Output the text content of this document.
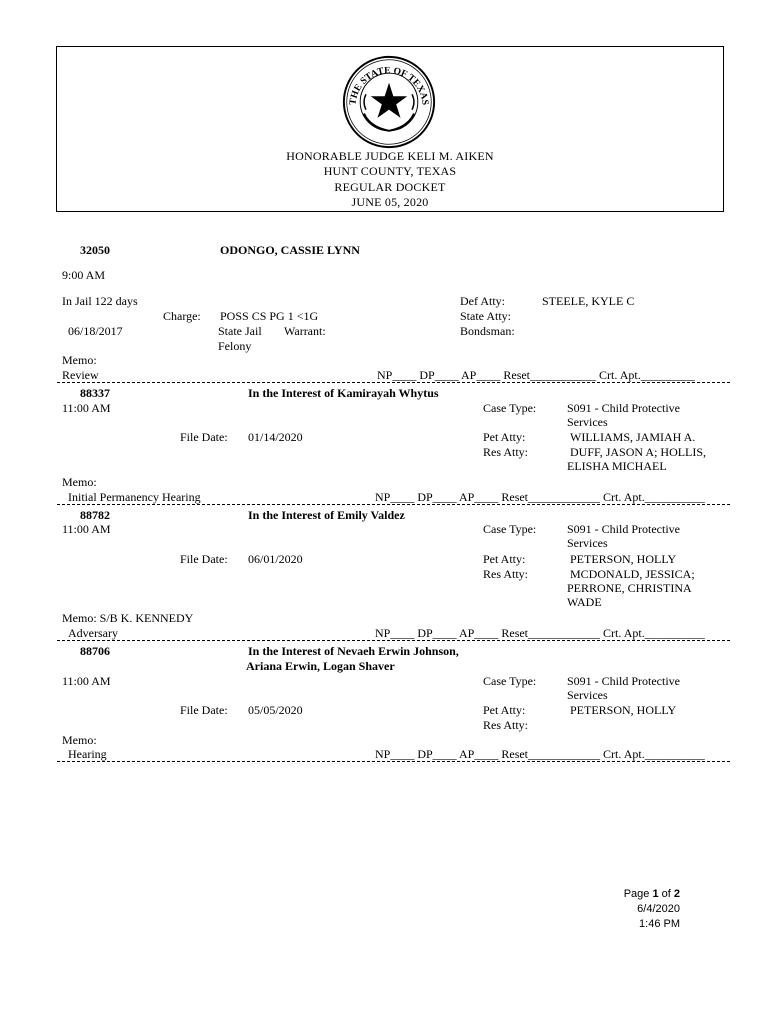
THE STATE OF TEXAS
HONORABLE JUDGE KELI M. AIKEN
HUNT COUNTY, TEXAS
REGULAR DOCKET
JUNE 05, 2020
32050	ODONGO, CASSIE LYNN
9:00 AM
In Jail 122 days
Charge: POSS CS PG 1 <1G
06/18/2017	State Jail Warrant:
Felony
Def Atty:	STEELE, KYLE C
State Atty:
Bondsman:
Memo:
Review	NP____ DP____ AP____ Reset___________ Crt. Apt._________
88337	In the Interest of Kamirayah Whytus
11:00 AM	Case Type:	S091 - Child Protective Services
File Date: 01/14/2020	Pet Atty:	WILLIAMS, JAMIAH A.
Res Atty:	DUFF, JASON A; HOLLIS, ELISHA MICHAEL
Memo:
Initial Permanency Hearing	NP____ DP____ AP____ Reset____________ Crt. Apt.__________
88782	In the Interest of Emily Valdez
11:00 AM	Case Type:	S091 - Child Protective Services
File Date: 06/01/2020	Pet Atty:	PETERSON, HOLLY
Res Atty:	MCDONALD, JESSICA; PERRONE, CHRISTINA WADE
Memo: S/B K. KENNEDY
Adversary	NP____ DP____ AP____ Reset____________ Crt. Apt.__________
88706	In the Interest of Nevaeh Erwin Johnson,
Ariana Erwin, Logan Shaver
11:00 AM	Case Type:	S091 - Child Protective Services
File Date: 05/05/2020	Pet Atty:	PETERSON, HOLLY
Res Atty:
Memo:
Hearing	NP____ DP____ AP____ Reset____________ Crt. Apt.__________
Page 1 of 2
6/4/2020
1:46 PM
